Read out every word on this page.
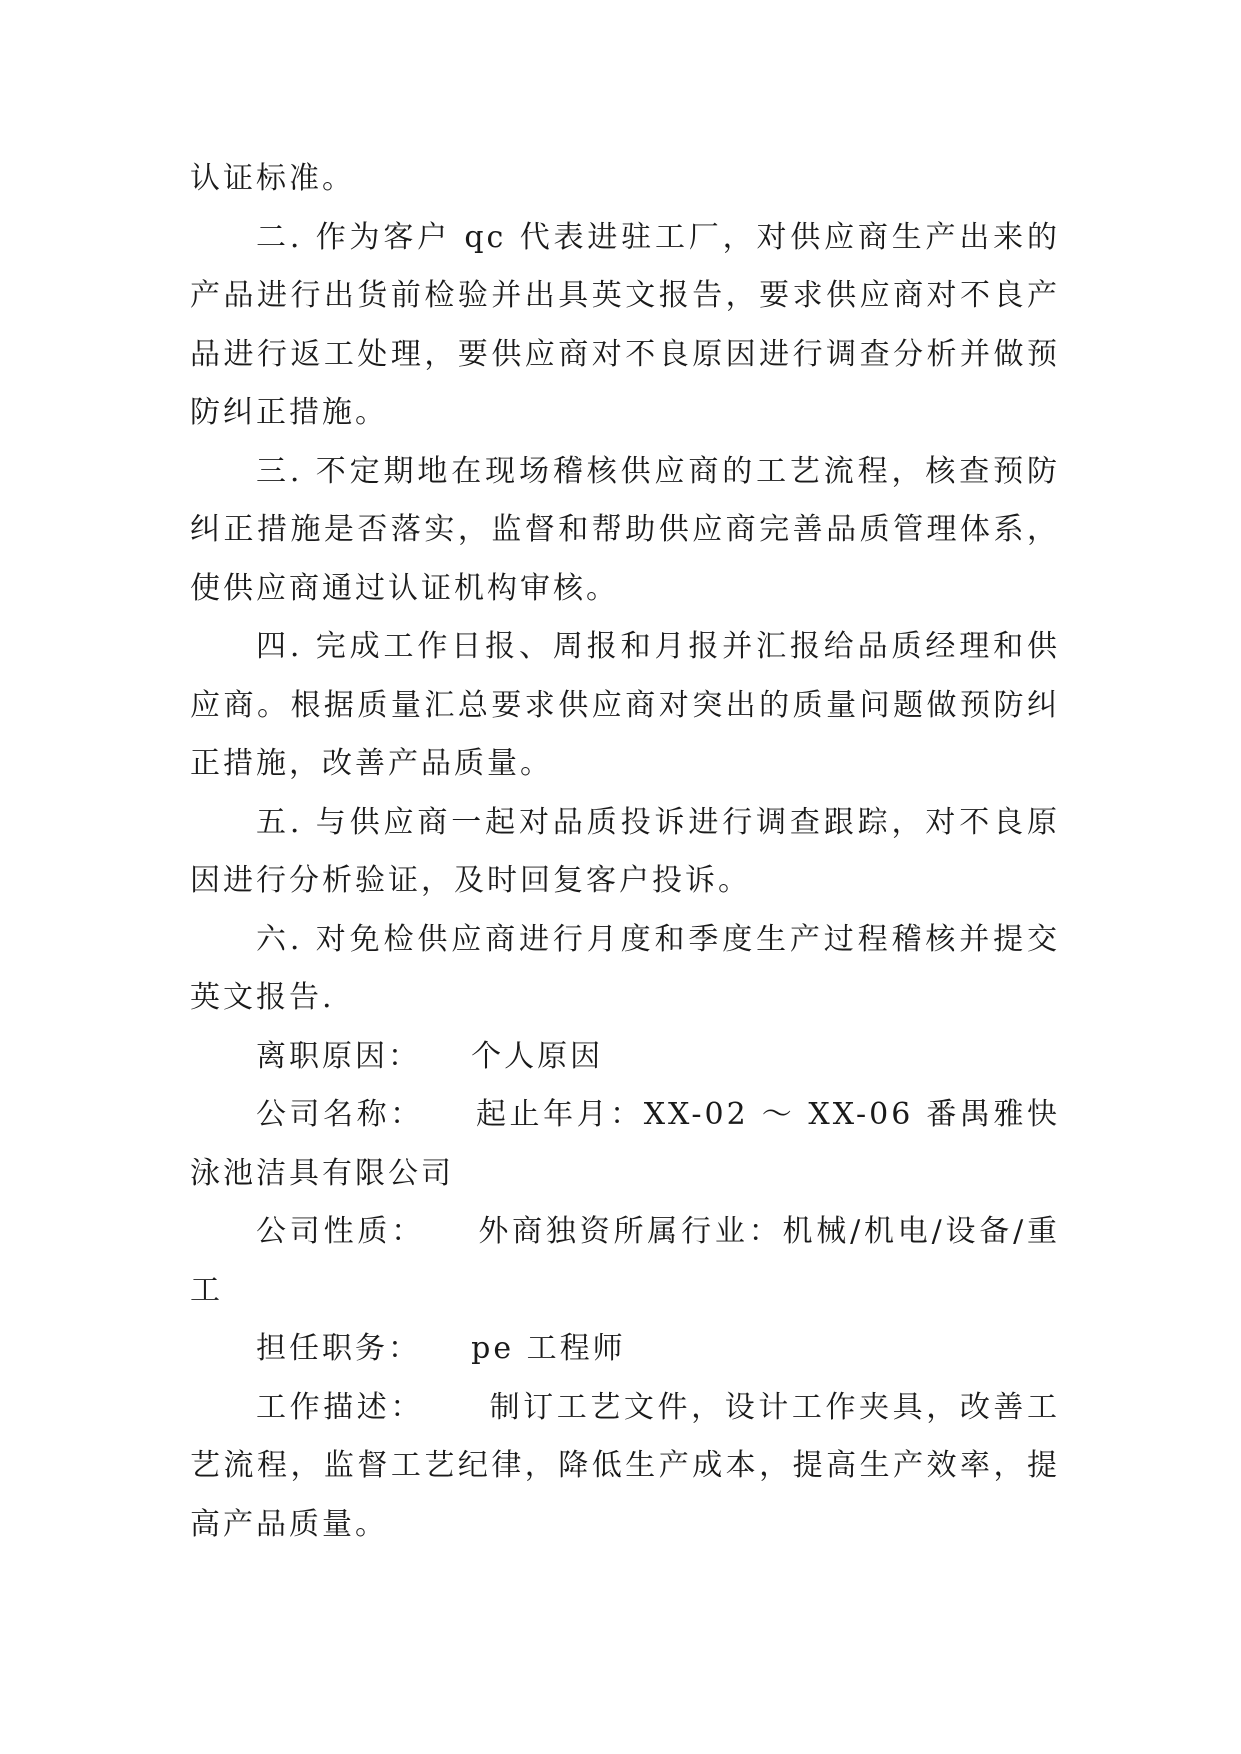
认证标准。

二. 作为客户 qc 代表进驻工厂，对供应商生产出来的产品进行出货前检验并出具英文报告，要求供应商对不良产品进行返工处理，要供应商对不良原因进行调查分析并做预防纠正措施。

三. 不定期地在现场稽核供应商的工艺流程，核查预防纠正措施是否落实，监督和帮助供应商完善品质管理体系，使供应商通过认证机构审核。

四. 完成工作日报、周报和月报并汇报给品质经理和供应商。根据质量汇总要求供应商对突出的质量问题做预防纠正措施，改善产品质量。

五. 与供应商一起对品质投诉进行调查跟踪，对不良原因进行分析验证，及时回复客户投诉。

六. 对免检供应商进行月度和季度生产过程稽核并提交英文报告.

离职原因：    个人原因

公司名称：    起止年月：XX-02 ～ XX-06 番禺雅快泳池洁具有限公司

公司性质：    外商独资所属行业：机械/机电/设备/重工

担任职务：    pe 工程师

工作描述：     制订工艺文件，设计工作夹具，改善工艺流程，监督工艺纪律，降低生产成本，提高生产效率，提高产品质量。
